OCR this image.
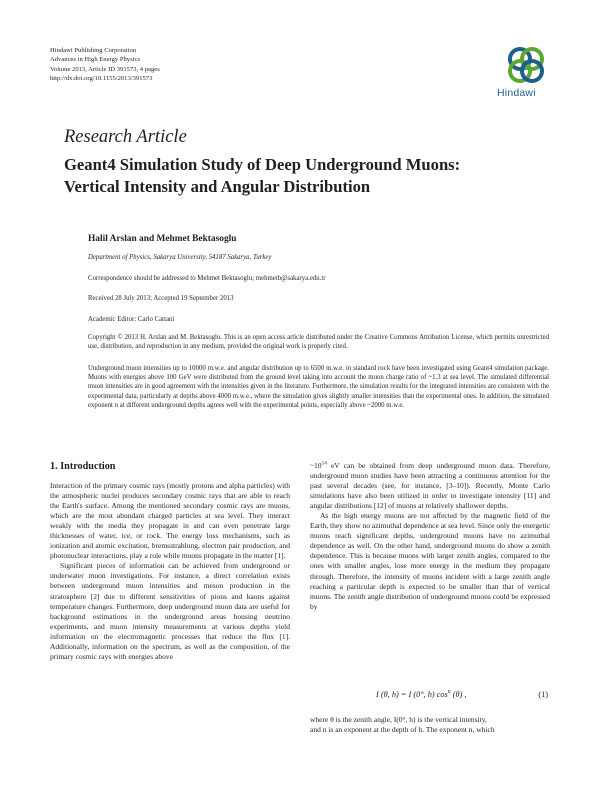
Hindawi Publishing Corporation
Advances in High Energy Physics
Volume 2013, Article ID 391573, 4 pages
http://dx.doi.org/10.1155/2013/391573
Hindawi
Research Article
Geant4 Simulation Study of Deep Underground Muons:
Vertical Intensity and Angular Distribution
Halil Arslan and Mehmet Bektasoglu
Department of Physics, Sakarya University, 54187 Sakarya, Turkey
Correspondence should be addressed to Mehmet Bektasoglu; mehmetb@sakarya.edu.tr
Received 28 July 2013; Accepted 19 September 2013
Academic Editor: Carlo Cattani
Copyright © 2013 H. Arslan and M. Bektasoglu. This is an open access article distributed under the Creative Commons Attribution License, which permits unrestricted use, distribution, and reproduction in any medium, provided the original work is properly cited.
Underground muon intensities up to 10000 m.w.e. and angular distribution up to 6500 m.w.e. in standard rock have been investigated using Geant4 simulation package. Muons with energies above 100 GeV were distributed from the ground level taking into account the muon charge ratio of ~1.3 at sea level. The simulated differential muon intensities are in good agreement with the intensities given in the literature. Furthermore, the simulation results for the integrated intensities are consistent with the experimental data, particularly at depths above 4000 m.w.e., where the simulation gives slightly smaller intensities than the experimental ones. In addition, the simulated exponent n at different underground depths agrees well with the experimental points, especially above ~2000 m.w.e.
1. Introduction

Interaction of the primary cosmic rays (mostly protons and alpha particles) with the atmospheric nuclei produces secondary cosmic rays that are able to reach the Earth's surface. Among the mentioned secondary cosmic rays are muons, which are the most abundant charged particles at sea level. They interact weakly with the media they propagate in and can even penetrate large thicknesses of water, ice, or rock. The energy loss mechanisms, such as ionization and atomic excitation, bremsstrahlung, electron pair production, and photonuclear interactions, play a role while muons propagate in the matter [1].

Significant pieces of information can be achieved from underground or underwater muon investigations. For instance, a direct correlation exists between underground muon intensities and meson production in the stratosphere [2] due to different sensitivities of pions and kaons against temperature changes. Furthermore, deep underground muon data are useful for background estimations in the underground areas housing neutrino experiments, and muon intensity measurements at various depths yield information on the electromagnetic processes that reduce the flux [1]. Additionally, information on the spectrum, as well as the composition, of the primary cosmic rays with energies above

$\sim 10^{14}$ eV can be obtained from deep underground muon data. Therefore, underground muon studies have been attracting a continuous attention for the past several decades (see, for instance, [3–10]). Recently, Monte Carlo simulations have also been utilized in order to investigate intensity [11] and angular distributions [12] of muons at relatively shallower depths.

As the high energy muons are not affected by the magnetic field of the Earth, they show no azimuthal dependence at sea level. Since only the energetic muons reach significant depths, underground muons have no azimuthal dependence as well. On the other hand, underground muons do show a zenith dependence. This is because muons with larger zenith angles, compared to the ones with smaller angles, lose more energy in the medium they propagate through. Therefore, the intensity of muons incident with a large zenith angle reaching a particular depth is expected to be smaller than that of vertical muons. The zenith angle distribution of underground muons could be expressed by

I (θ, h) = I (0°, h) $\cos^n (\theta)$ ,	(1)
where θ is the zenith angle, I(0°, h) is the vertical intensity,
and n is an exponent at the depth of h. The exponent n, which
